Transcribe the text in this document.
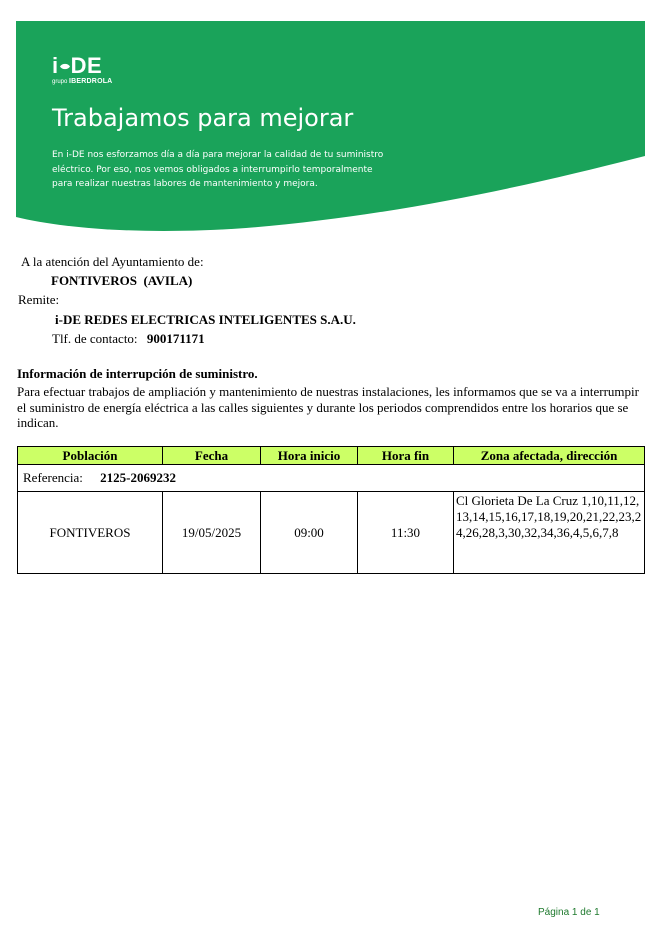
i DE
grupo IBERDROLA
Trabajamos para mejorar
En i-DE nos esforzamos día a día para mejorar la calidad de tu suministro
eléctrico. Por eso, nos vemos obligados a interrumpirlo temporalmente
para realizar nuestras labores de mantenimiento y mejora.
A la atención del Ayuntamiento de:
FONTIVEROS  (AVILA)
Remite:
i-DE REDES ELECTRICAS INTELIGENTES S.A.U.
Tlf. de contacto: 900171171
Información de interrupción de suministro.
Para efectuar trabajos de ampliación y mantenimiento de nuestras instalaciones, les informamos que se va a interrumpir el suministro de energía eléctrica a las calles siguientes y durante los periodos comprendidos entre los horarios que se indican.
Población	Fecha	Hora inicio	Hora fin	Zona afectada, dirección
Referencia: 2125-2069232				
FONTIVEROS	19/05/2025	09:00	11:30	Cl Glorieta De La Cruz 1,10,11,12,13,14,15,16,17,18,19,20,21,22,23,24,26,28,3,30,32,34,36,4,5,6,7,8
Página 1 de 1
